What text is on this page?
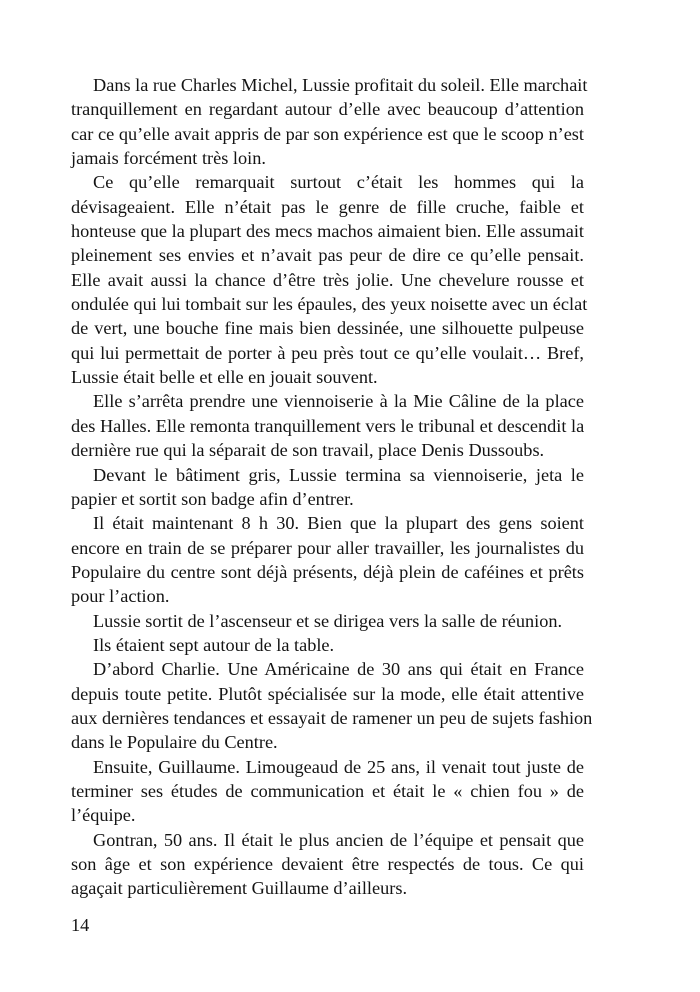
Dans la rue Charles Michel, Lussie profitait du soleil. Elle marchait
tranquillement en regardant autour d’elle avec beaucoup d’attention
car ce qu’elle avait appris de par son expérience est que le scoop n’est
jamais forcément très loin.
Ce qu’elle remarquait surtout c’était les hommes qui la
dévisageaient. Elle n’était pas le genre de fille cruche, faible et
honteuse que la plupart des mecs machos aimaient bien. Elle assumait
pleinement ses envies et n’avait pas peur de dire ce qu’elle pensait.
Elle avait aussi la chance d’être très jolie. Une chevelure rousse et
ondulée qui lui tombait sur les épaules, des yeux noisette avec un éclat
de vert, une bouche fine mais bien dessinée, une silhouette pulpeuse
qui lui permettait de porter à peu près tout ce qu’elle voulait… Bref,
Lussie était belle et elle en jouait souvent.
Elle s’arrêta prendre une viennoiserie à la Mie Câline de la place
des Halles. Elle remonta tranquillement vers le tribunal et descendit la
dernière rue qui la séparait de son travail, place Denis Dussoubs.
Devant le bâtiment gris, Lussie termina sa viennoiserie, jeta le
papier et sortit son badge afin d’entrer.
Il était maintenant 8 h 30. Bien que la plupart des gens soient
encore en train de se préparer pour aller travailler, les journalistes du
Populaire du centre sont déjà présents, déjà plein de caféines et prêts
pour l’action.
Lussie sortit de l’ascenseur et se dirigea vers la salle de réunion.
Ils étaient sept autour de la table.
D’abord Charlie. Une Américaine de 30 ans qui était en France
depuis toute petite. Plutôt spécialisée sur la mode, elle était attentive
aux dernières tendances et essayait de ramener un peu de sujets fashion
dans le Populaire du Centre.
Ensuite, Guillaume. Limougeaud de 25 ans, il venait tout juste de
terminer ses études de communication et était le « chien fou » de
l’équipe.
Gontran, 50 ans. Il était le plus ancien de l’équipe et pensait que
son âge et son expérience devaient être respectés de tous. Ce qui
agaçait particulièrement Guillaume d’ailleurs.
14
